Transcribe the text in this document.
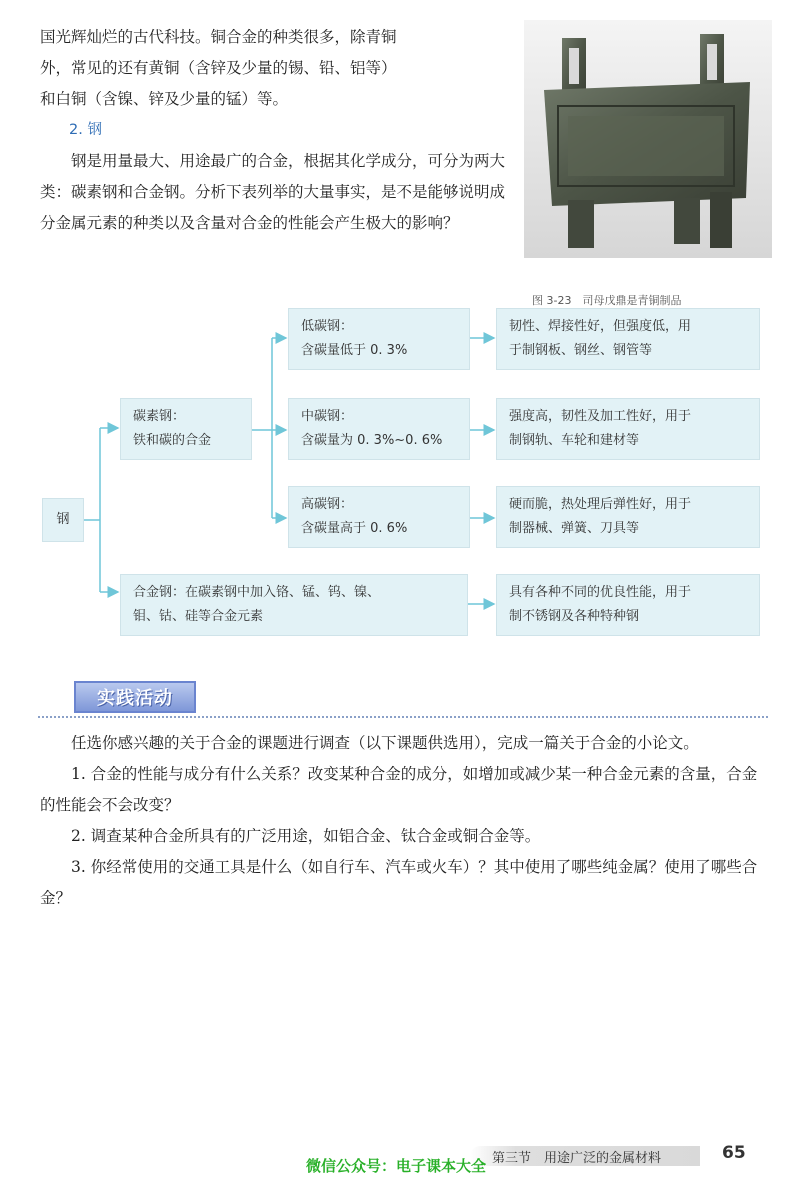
国光辉灿烂的古代科技。铜合金的种类很多，除青铜

外，常见的还有黄铜（含锌及少量的锡、铅、铝等）

和白铜（含镍、锌及少量的锰）等。

2. 钢

钢是用量最大、用途最广的合金，根据其化学成分，可分为两大类：碳素钢和合金钢。分析下表列举的大量事实，是不是能够说明成分金属元素的种类以及含量对合金的性能会产生极大的影响？

图 3-23　司母戊鼎是青铜制品
钢
碳素钢：
铁和碳的合金
低碳钢：
含碳量低于 0. 3%
韧性、焊接性好，但强度低，用
于制钢板、钢丝、钢管等
中碳钢：
含碳量为 0. 3%~0. 6%
强度高，韧性及加工性好，用于
制钢轨、车轮和建材等
高碳钢：
含碳量高于 0. 6%
硬而脆，热处理后弹性好，用于
制器械、弹簧、刀具等
合金钢：在碳素钢中加入铬、锰、钨、镍、
钼、钴、硅等合金元素
具有各种不同的优良性能，用于
制不锈钢及各种特种钢
实践活动

任选你感兴趣的关于合金的课题进行调查（以下课题供选用），完成一篇关于合金的小论文。

1. 合金的性能与成分有什么关系？改变某种合金的成分，如增加或减少某一种合金元素的含量，合金的性能会不会改变？

2. 调查某种合金所具有的广泛用途，如铝合金、钛合金或铜合金等。

3. 你经常使用的交通工具是什么（如自行车、汽车或火车）？其中使用了哪些纯金属？使用了哪些合金？

第三节　用途广泛的金属材料	65
微信公众号：电子课本大全
